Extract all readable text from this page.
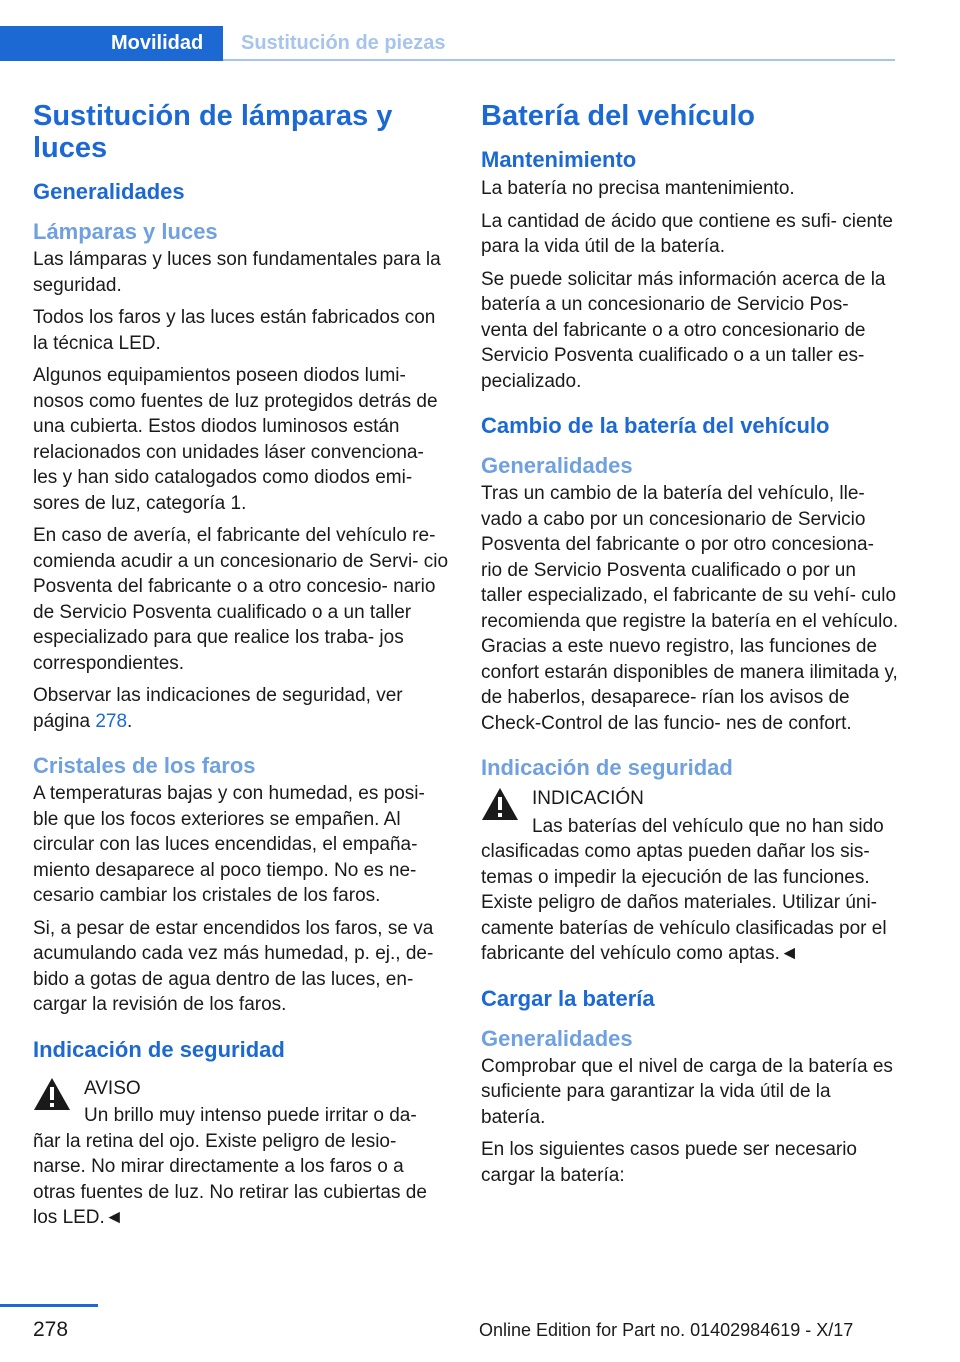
Movilidad	Sustitución de piezas
Sustitución de lámparas y luces
Generalidades
Lámparas y luces

Las lámparas y luces son fundamentales para la seguridad.

Todos los faros y las luces están fabricados con la técnica LED.

Algunos equipamientos poseen diodos lumi‐ nosos como fuentes de luz protegidos detrás de una cubierta. Estos diodos luminosos están relacionados con unidades láser convenciona‐ les y han sido catalogados como diodos emi‐ sores de luz, categoría 1.

En caso de avería, el fabricante del vehículo re‐ comienda acudir a un concesionario de Servi‐ cio Posventa del fabricante o a otro concesio‐ nario de Servicio Posventa cualificado o a un taller especializado para que realice los traba‐ jos correspondientes.

Observar las indicaciones de seguridad, ver página 278.

Cristales de los faros

A temperaturas bajas y con humedad, es posi‐ ble que los focos exteriores se empañen. Al circular con las luces encendidas, el empaña‐ miento desaparece al poco tiempo. No es ne‐ cesario cambiar los cristales de los faros.

Si, a pesar de estar encendidos los faros, se va acumulando cada vez más humedad, p. ej., de‐ bido a gotas de agua dentro de las luces, en‐ cargar la revisión de los faros.

Indicación de seguridad
AVISO
Un brillo muy intenso puede irritar o da‐
ñar la retina del ojo. Existe peligro de lesio‐ narse. No mirar directamente a los faros o a otras fuentes de luz. No retirar las cubiertas de los LED.◄
Batería del vehículo
Mantenimiento

La batería no precisa mantenimiento.

La cantidad de ácido que contiene es sufi‐ ciente para la vida útil de la batería.

Se puede solicitar más información acerca de la batería a un concesionario de Servicio Pos‐ venta del fabricante o a otro concesionario de Servicio Posventa cualificado o a un taller es‐ pecializado.

Cambio de la batería del vehículo
Generalidades

Tras un cambio de la batería del vehículo, lle‐ vado a cabo por un concesionario de Servicio Posventa del fabricante o por otro concesiona‐ rio de Servicio Posventa cualificado o por un taller especializado, el fabricante de su vehí‐ culo recomienda que registre la batería en el vehículo. Gracias a este nuevo registro, las funciones de confort estarán disponibles de manera ilimitada y, de haberlos, desaparece‐ rían los avisos de Check-Control de las funcio‐ nes de confort.

Indicación de seguridad
INDICACIÓN
Las baterías del vehículo que no han sido
clasificadas como aptas pueden dañar los sis‐ temas o impedir la ejecución de las funciones. Existe peligro de daños materiales. Utilizar úni‐ camente baterías de vehículo clasificadas por el fabricante del vehículo como aptas.◄
Cargar la batería
Generalidades

Comprobar que el nivel de carga de la batería es suficiente para garantizar la vida útil de la batería.

En los siguientes casos puede ser necesario cargar la batería:

278	Online Edition for Part no. 01402984619 - X/17
